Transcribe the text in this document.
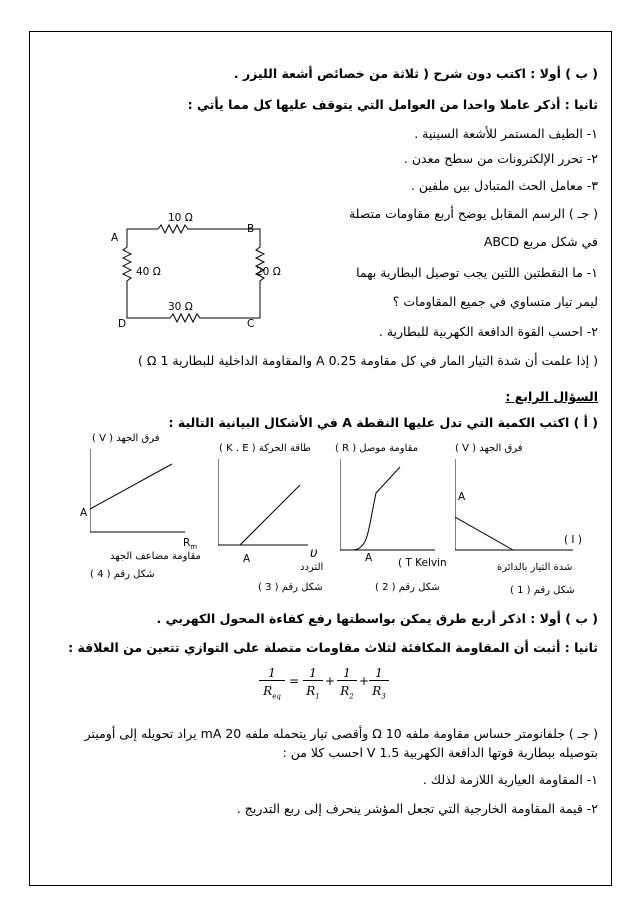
( ب ) أولا : اكتب دون شرح ( ثلاثة من خصائص أشعة الليزر .
ثانيا : أذكر عاملا واحدا من العوامل التي يتوقف عليها كل مما يأتي :
١- الطيف المستمر للأشعة السينية .
٢- تحرر الإلكترونات من سطح معدن .
٣- معامل الحث المتبادل بين ملفين .
( جـ ) الرسم المقابل يوضح أربع مقاومات متصلة
في شكل مربع ABCD
١- ما النقطتين اللتين يجب توصيل البطارية بهما
ليمر تيار متساوي في جميع المقاومات ؟
٢- احسب القوة الدافعة الكهربية للبطارية .
( إذا علمت أن شدة التيار المار في كل مقاومة 0.25 A والمقاومة الداخلية للبطارية 1 Ω )
A
B
C
D
10 Ω
40 Ω	20 Ω
30 Ω
السؤال الرابع :
( أ ) اكتب الكمية التي تدل عليها النقطة A في الأشكال البيانية التالية :
فرق الجهد ( V )
A
( I )
شدة التيار بالدائرة
شكل رقم ( 1 )
مقاومة موصل ( R )
A ( T Kelvin
شكل رقم ( 2 )
طاقة الحركة ( K . E )
A	υ
التردد
شكل رقم ( 3 )
فرق الجهد ( V )
A
$R_m$
مقاومة مضاعف الجهد
شكل رقم ( 4 )
( ب ) أولا : اذكر أربع طرق يمكن بواسطتها رفع كفاءة المحول الكهربي .
ثانيا : أثبت أن المقاومة المكافئة لثلاث مقاومات متصلة على التوازي تتعين من العلاقة :
1
$R_{eq}$
=
1
$R_1$
+
1
$R_2$
+
1
$R_3$
( جـ ) جلفانومتر حساس مقاومة ملفه 10 Ω وأقصى تيار يتحمله ملفه 20 mA يراد تحويله إلى أوميتر
بتوصيله ببطارية قوتها الدافعة الكهربية 1.5 V احسب كلا من :
١- المقاومة العيارية اللازمة لذلك .
٢- قيمة المقاومة الخارجية التي تجعل المؤشر ينحرف إلى ربع التدريج .
